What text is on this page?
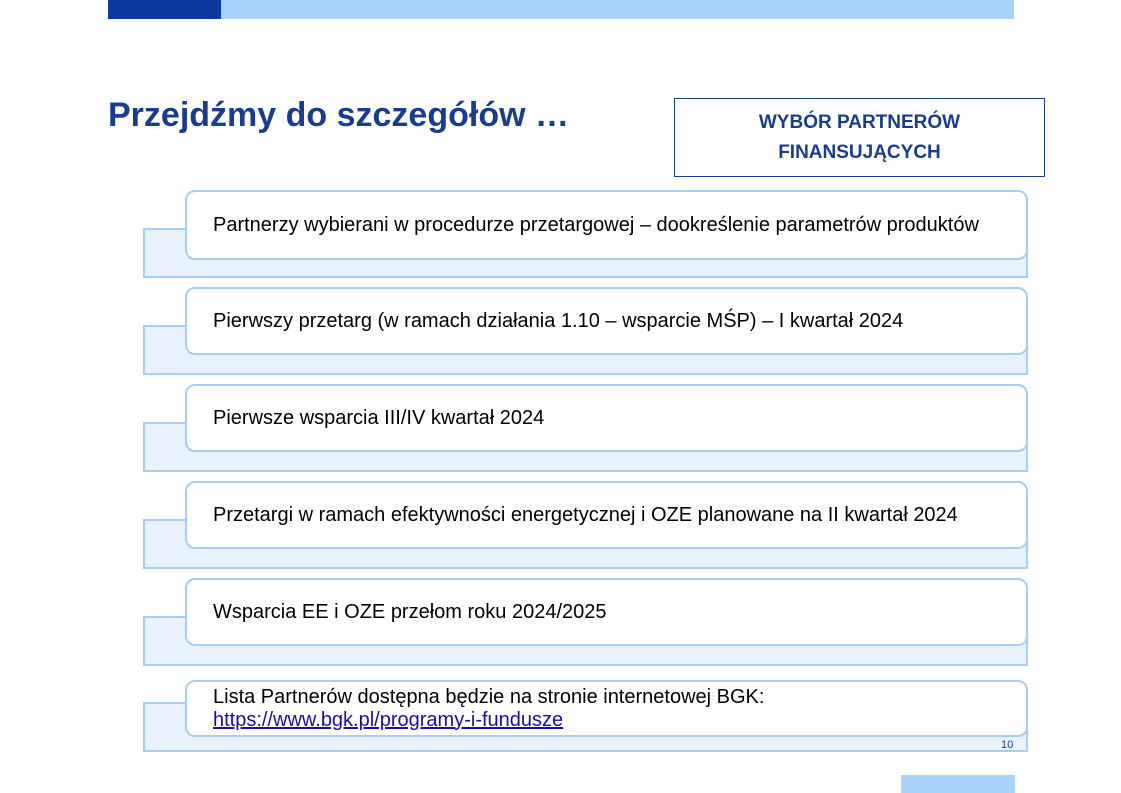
Przejdźmy do szczegółów …	WYBÓR PARTNERÓW
FINANSUJĄCYCH
Partnerzy wybierani w procedurze przetargowej – dookreślenie parametrów produktów
Pierwszy przetarg (w ramach działania 1.10 – wsparcie MŚP) – I kwartał 2024
Pierwsze wsparcia III/IV kwartał 2024
Przetargi w ramach efektywności energetycznej i OZE planowane na II kwartał 2024
Wsparcia EE i OZE przełom roku 2024/2025
Lista Partnerów dostępna będzie na stronie internetowej BGK:
https://www.bgk.pl/programy-i-fundusze
10
